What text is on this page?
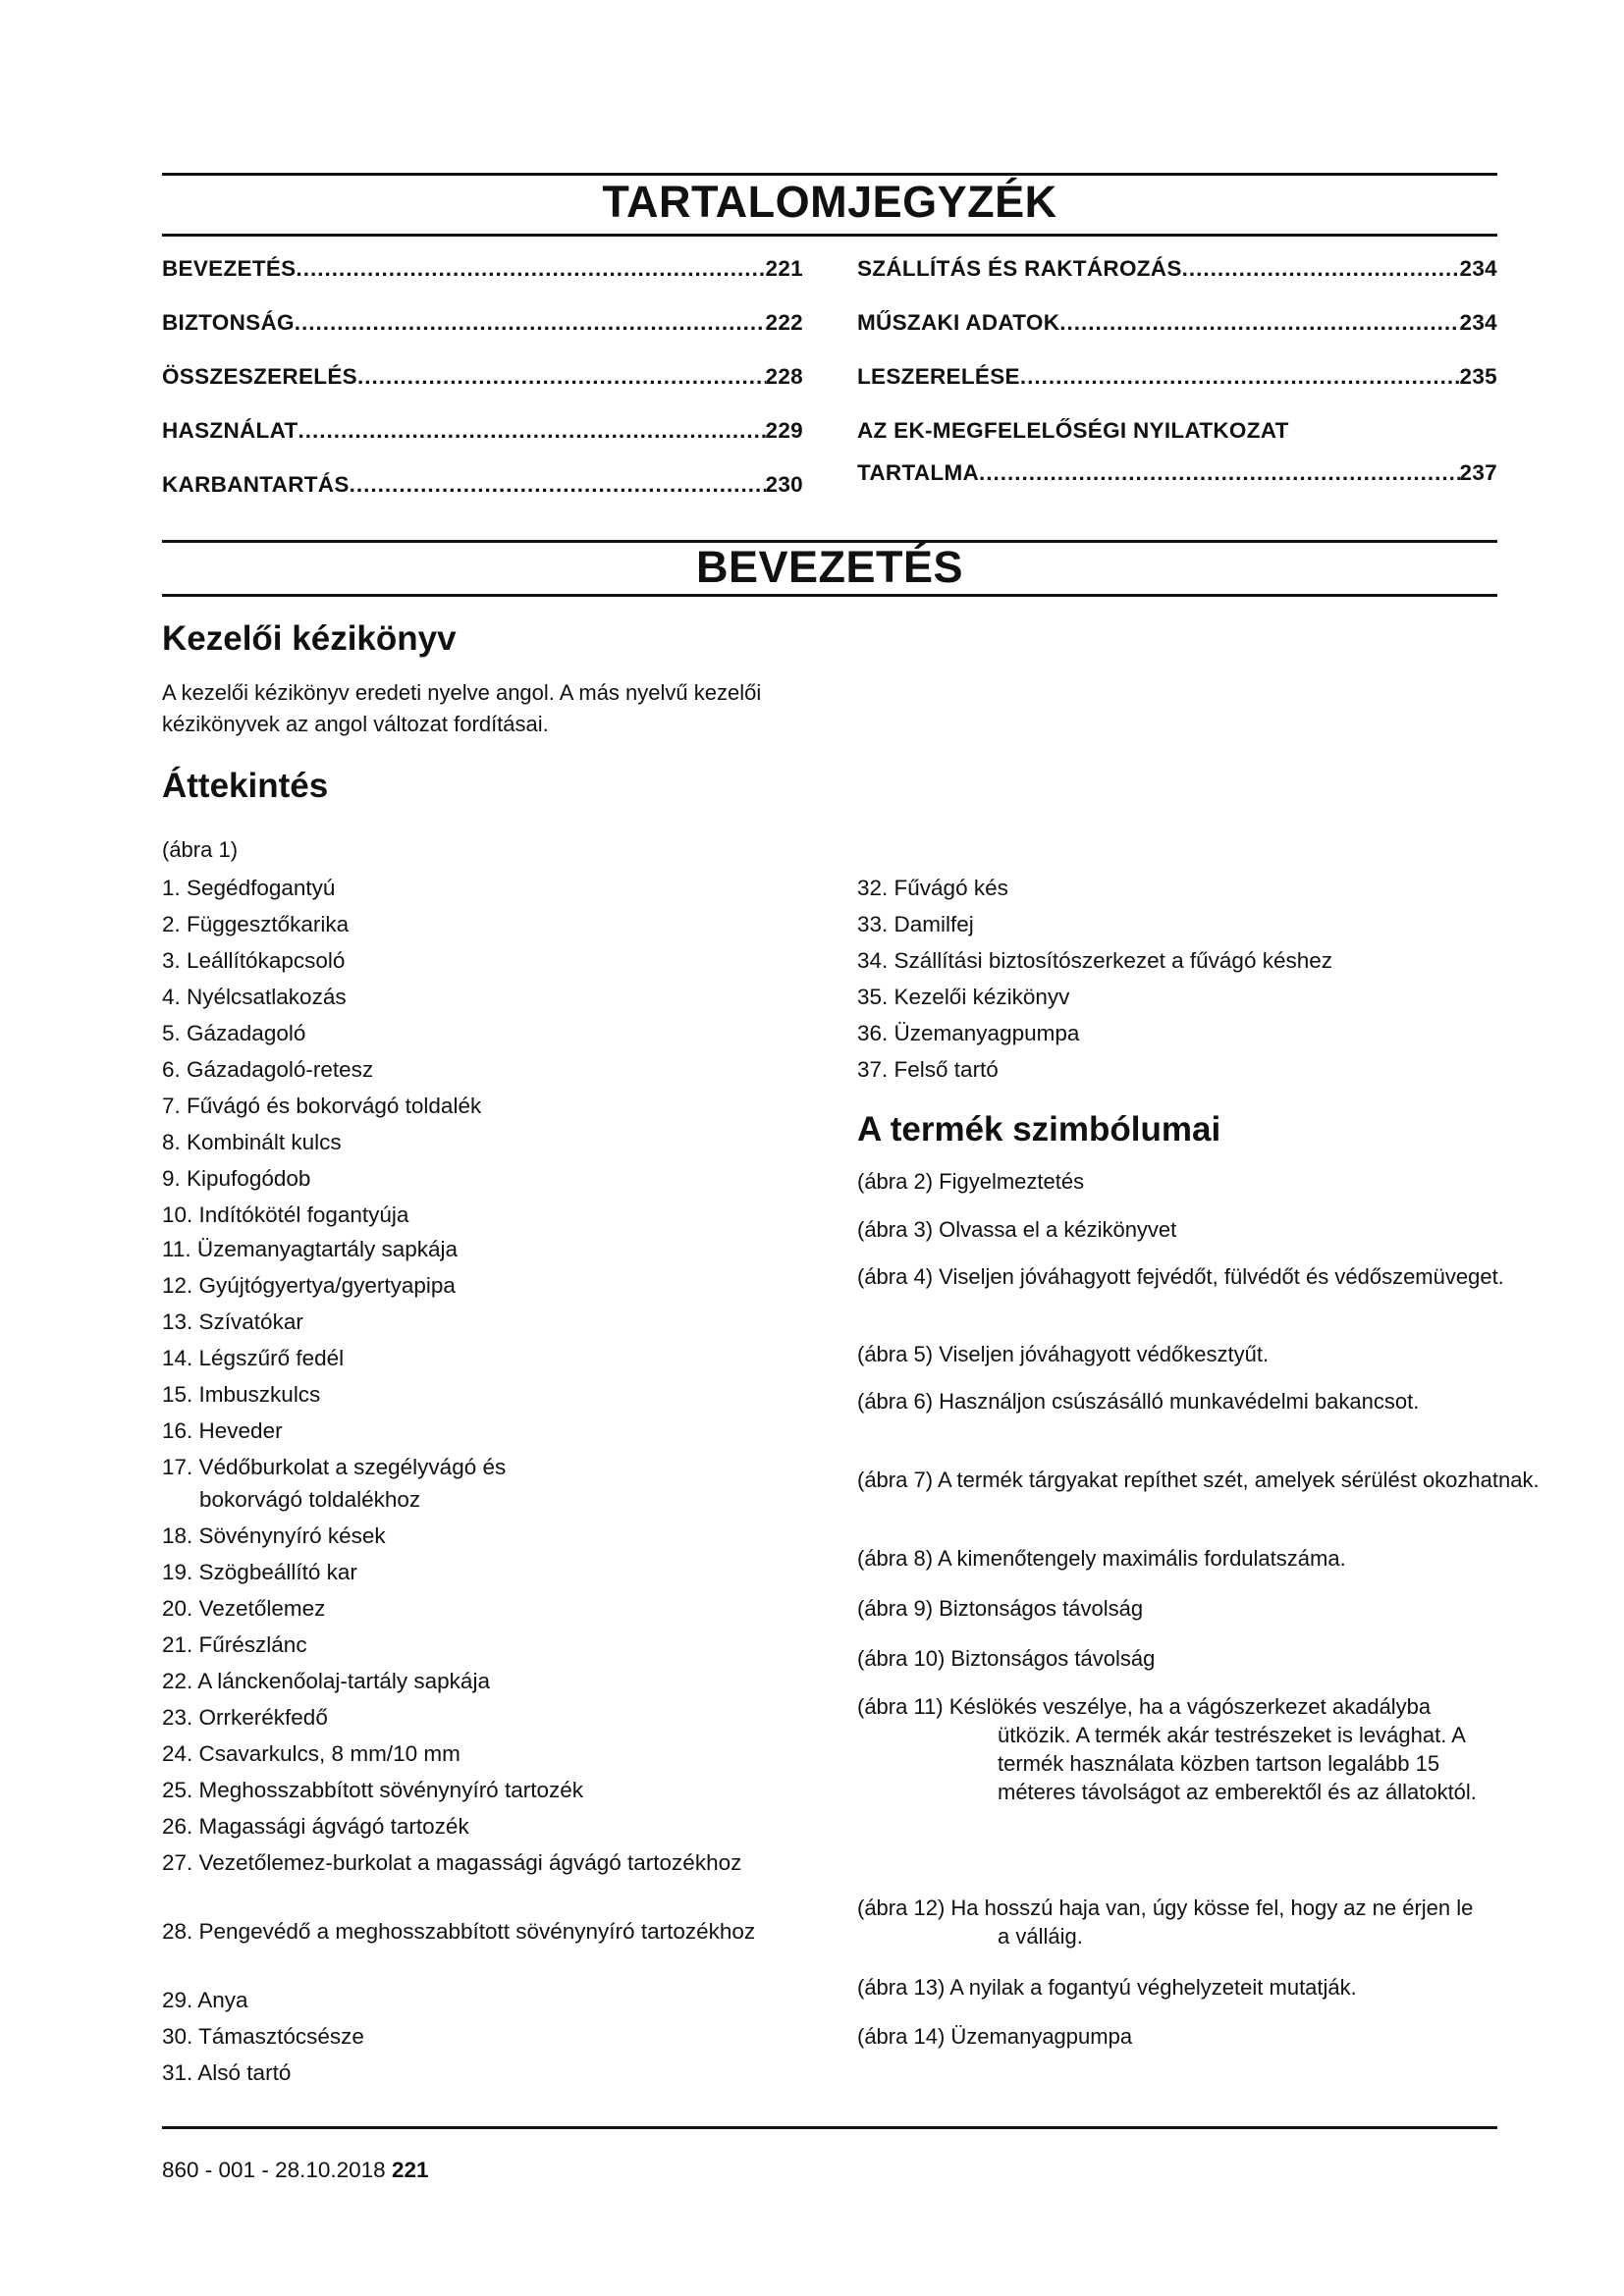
TARTALOMJEGYZÉK
BEVEZETÉS .....	221
BIZTONSÁG .....	222
ÖSSZESZERELÉS .....	228
HASZNÁLAT .....	229
KARBANTARTÁS .....	230
SZÁLLÍTÁS ÉS RAKTÁROZÁS .....	234
MŰSZAKI ADATOK .....	234
LESZERELÉSE .....	235
AZ EK-MEGFELELŐSÉGI NYILATKOZAT
TARTALMA .....	237
BEVEZETÉS
Kezelői kézikönyv
A kezelői kézikönyv eredeti nyelve angol. A más nyelvű kezelői kézikönyvek az angol változat fordításai.
Áttekintés
(ábra 1)
1. Segédfogantyú
2. Függesztőkarika
3. Leállítókapcsoló
4. Nyélcsatlakozás
5. Gázadagoló
6. Gázadagoló-retesz
7. Fűvágó és bokorvágó toldalék
8. Kombinált kulcs
9. Kipufogódob
10. Indítókötél fogantyúja
11. Üzemanyagtartály sapkája
12. Gyújtógyertya/gyertyapipa
13. Szívatókar
14. Légszűrő fedél
15. Imbuszkulcs
16. Heveder
17. Védőburkolat a szegélyvágó és bokorvágó toldalékhoz
18. Sövénynyíró kések
19. Szögbeállító kar
20. Vezetőlemez
21. Fűrészlánc
22. A lánckenőolaj-tartály sapkája
23. Orrkerékfedő
24. Csavarkulcs, 8 mm/10 mm
25. Meghosszabbított sövénynyíró tartozék
26. Magassági ágvágó tartozék
27. Vezetőlemez-burkolat a magassági ágvágó tartozékhoz
28. Pengevédő a meghosszabbított sövénynyíró tartozékhoz
29. Anya
30. Támasztócsésze
31. Alsó tartó
32. Fűvágó kés
33. Damilfej
34. Szállítási biztosítószerkezet a fűvágó késhez
35. Kezelői kézikönyv
36. Üzemanyagpumpa
37. Felső tartó
A termék szimbólumai
(ábra 2) Figyelmeztetés
(ábra 3) Olvassa el a kézikönyvet
(ábra 4) Viseljen jóváhagyott fejvédőt, fülvédőt és védőszemüveget.
(ábra 5) Viseljen jóváhagyott védőkesztyűt.
(ábra 6) Használjon csúszásálló munkavédelmi bakancsot.
(ábra 7) A termék tárgyakat repíthet szét, amelyek sérülést okozhatnak.
(ábra 8) A kimenőtengely maximális fordulatszáma.
(ábra 9) Biztonságos távolság
(ábra 10) Biztonságos távolság
(ábra 11) Késlökés veszélye, ha a vágószerkezet akadályba ütközik. A termék akár testrészeket is levághat. A termék használata közben tartson legalább 15 méteres távolságot az emberektől és az állatoktól.
(ábra 12) Ha hosszú haja van, úgy kösse fel, hogy az ne érjen le a válláig.
(ábra 13) A nyilak a fogantyú véghelyzeteit mutatják.
(ábra 14) Üzemanyagpumpa
860 - 001 - 28.10.2018 221
